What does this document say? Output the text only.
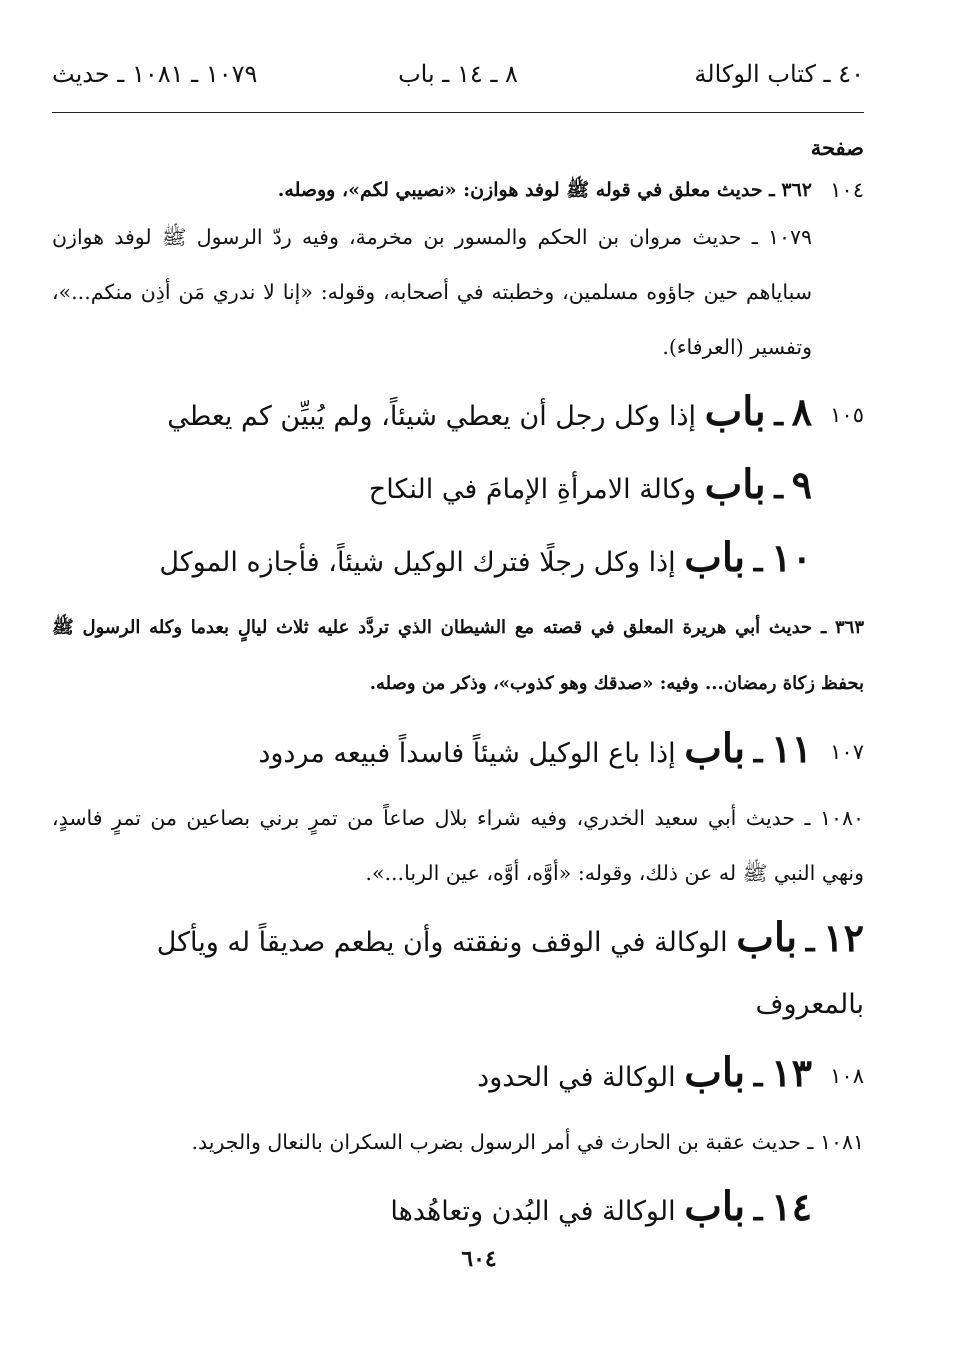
٤٠ ـ كتاب الوكالة
٨ ـ ١٤ ـ باب
١٠٧٩ ـ ١٠٨١ ـ حديث
صفحة
١٠٤
٣٦٢ ـ حديث معلق في قوله ﷺ لوفد هوازن: «نصيبي لكم»، ووصله.
١٠٧٩ ـ حديث مروان بن الحكم والمسور بن مخرمة، وفيه ردّ الرسول ﷺ لوفد هوازن سباياهم حين جاؤوه مسلمين، وخطبته في أصحابه، وقوله: «إنا لا ندري مَن أذِن منكم...»، وتفسير (العرفاء).
١٠٥
٨ ـ باب إذا وكل رجل أن يعطي شيئاً، ولم يُبيِّن كم يعطي
٩ ـ باب وكالة الامرأةِ الإمامَ في النكاح
١٠ ـ باب إذا وكل رجلًا فترك الوكيل شيئاً، فأجازه الموكل
٣٦٣ ـ حديث أبي هريرة المعلق في قصته مع الشيطان الذي تردَّد عليه ثلاث ليالٍ بعدما وكله الرسول ﷺ بحفظ زكاة رمضان... وفيه: «صدقك وهو كذوب»، وذكر من وصله.
١٠٧
١١ ـ باب إذا باع الوكيل شيئاً فاسداً فبيعه مردود
١٠٨٠ ـ حديث أبي سعيد الخدري، وفيه شراء بلال صاعاً من تمرٍ برني بصاعين من تمرٍ فاسدٍ، ونهي النبي ﷺ له عن ذلك، وقوله: «أوَّه، أوَّه، عين الربا...».
١٢ ـ باب الوكالة في الوقف ونفقته وأن يطعم صديقاً له ويأكل بالمعروف
١٠٨
١٣ ـ باب الوكالة في الحدود
١٠٨١ ـ حديث عقبة بن الحارث في أمر الرسول بضرب السكران بالنعال والجريد.
١٤ ـ باب الوكالة في البُدن وتعاهُدها
٦٠٤
